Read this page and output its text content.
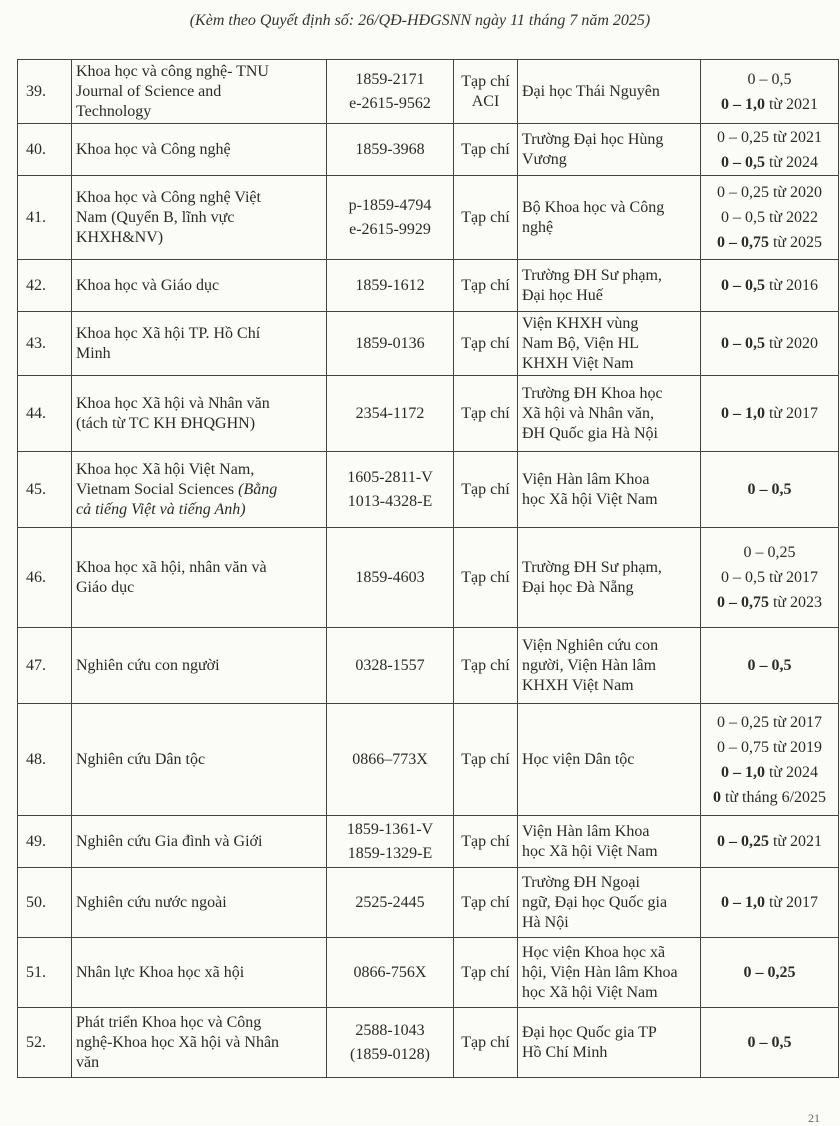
(Kèm theo Quyết định số: 26/QĐ-HĐGSNN ngày 11 tháng 7 năm 2025)
39.	Khoa học và công nghệ- TNU
Journal of Science and
Technology	1859-2171
e-2615-9562	Tạp chí
ACI	Đại học Thái Nguyên	0 – 0,5
0 – 1,0 từ 2021

40.	Khoa học và Công nghệ	1859-3968	Tạp chí	Trường Đại học Hùng
Vương	0 – 0,25 từ 2021
0 – 0,5 từ 2024

41.	Khoa học và Công nghệ Việt
Nam (Quyển B, lĩnh vực
KHXH&NV)	p-1859-4794
e-2615-9929	Tạp chí	Bộ Khoa học và Công
nghệ	0 – 0,25 từ 2020
0 – 0,5 từ 2022
0 – 0,75 từ 2025

42.	Khoa học và Giáo dục	1859-1612	Tạp chí	Trường ĐH Sư phạm,
Đại học Huế	0 – 0,5 từ 2016

43.	Khoa học Xã hội TP. Hồ Chí
Minh	1859-0136	Tạp chí	Viện KHXH vùng
Nam Bộ, Viện HL
KHXH Việt Nam	0 – 0,5 từ 2020

44.	Khoa học Xã hội và Nhân văn
(tách từ TC KH ĐHQGHN)	2354-1172	Tạp chí	Trường ĐH Khoa học
Xã hội và Nhân văn,
ĐH Quốc gia Hà Nội	0 – 1,0 từ 2017

45.	Khoa học Xã hội Việt Nam,
Vietnam Social Sciences (Bằng
cả tiếng Việt và tiếng Anh)	1605-2811-V
1013-4328-E	Tạp chí	Viện Hàn lâm Khoa
học Xã hội Việt Nam	0 – 0,5

46.	Khoa học xã hội, nhân văn và
Giáo dục	1859-4603	Tạp chí	Trường ĐH Sư phạm,
Đại học Đà Nẵng	0 – 0,25
0 – 0,5 từ 2017
0 – 0,75 từ 2023

47.	Nghiên cứu con người	0328-1557	Tạp chí	Viện Nghiên cứu con
người, Viện Hàn lâm
KHXH Việt Nam	0 – 0,5

48.	Nghiên cứu Dân tộc	0866–773X	Tạp chí	Học viện Dân tộc	0 – 0,25 từ 2017
0 – 0,75 từ 2019
0 – 1,0 từ 2024
0 từ tháng 6/2025

49.	Nghiên cứu Gia đình và Giới	1859-1361-V
1859-1329-E	Tạp chí	Viện Hàn lâm Khoa
học Xã hội Việt Nam	0 – 0,25 từ 2021

50.	Nghiên cứu nước ngoài	2525-2445	Tạp chí	Trường ĐH Ngoại
ngữ, Đại học Quốc gia
Hà Nội	0 – 1,0 từ 2017

51.	Nhân lực Khoa học xã hội	0866-756X	Tạp chí	Học viện Khoa học xã
hội, Viện Hàn lâm Khoa
học Xã hội Việt Nam	0 – 0,25

52.	Phát triển Khoa học và Công
nghệ-Khoa học Xã hội và Nhân
văn	2588-1043
(1859-0128)	Tạp chí	Đại học Quốc gia TP
Hồ Chí Minh	0 – 0,5
21
